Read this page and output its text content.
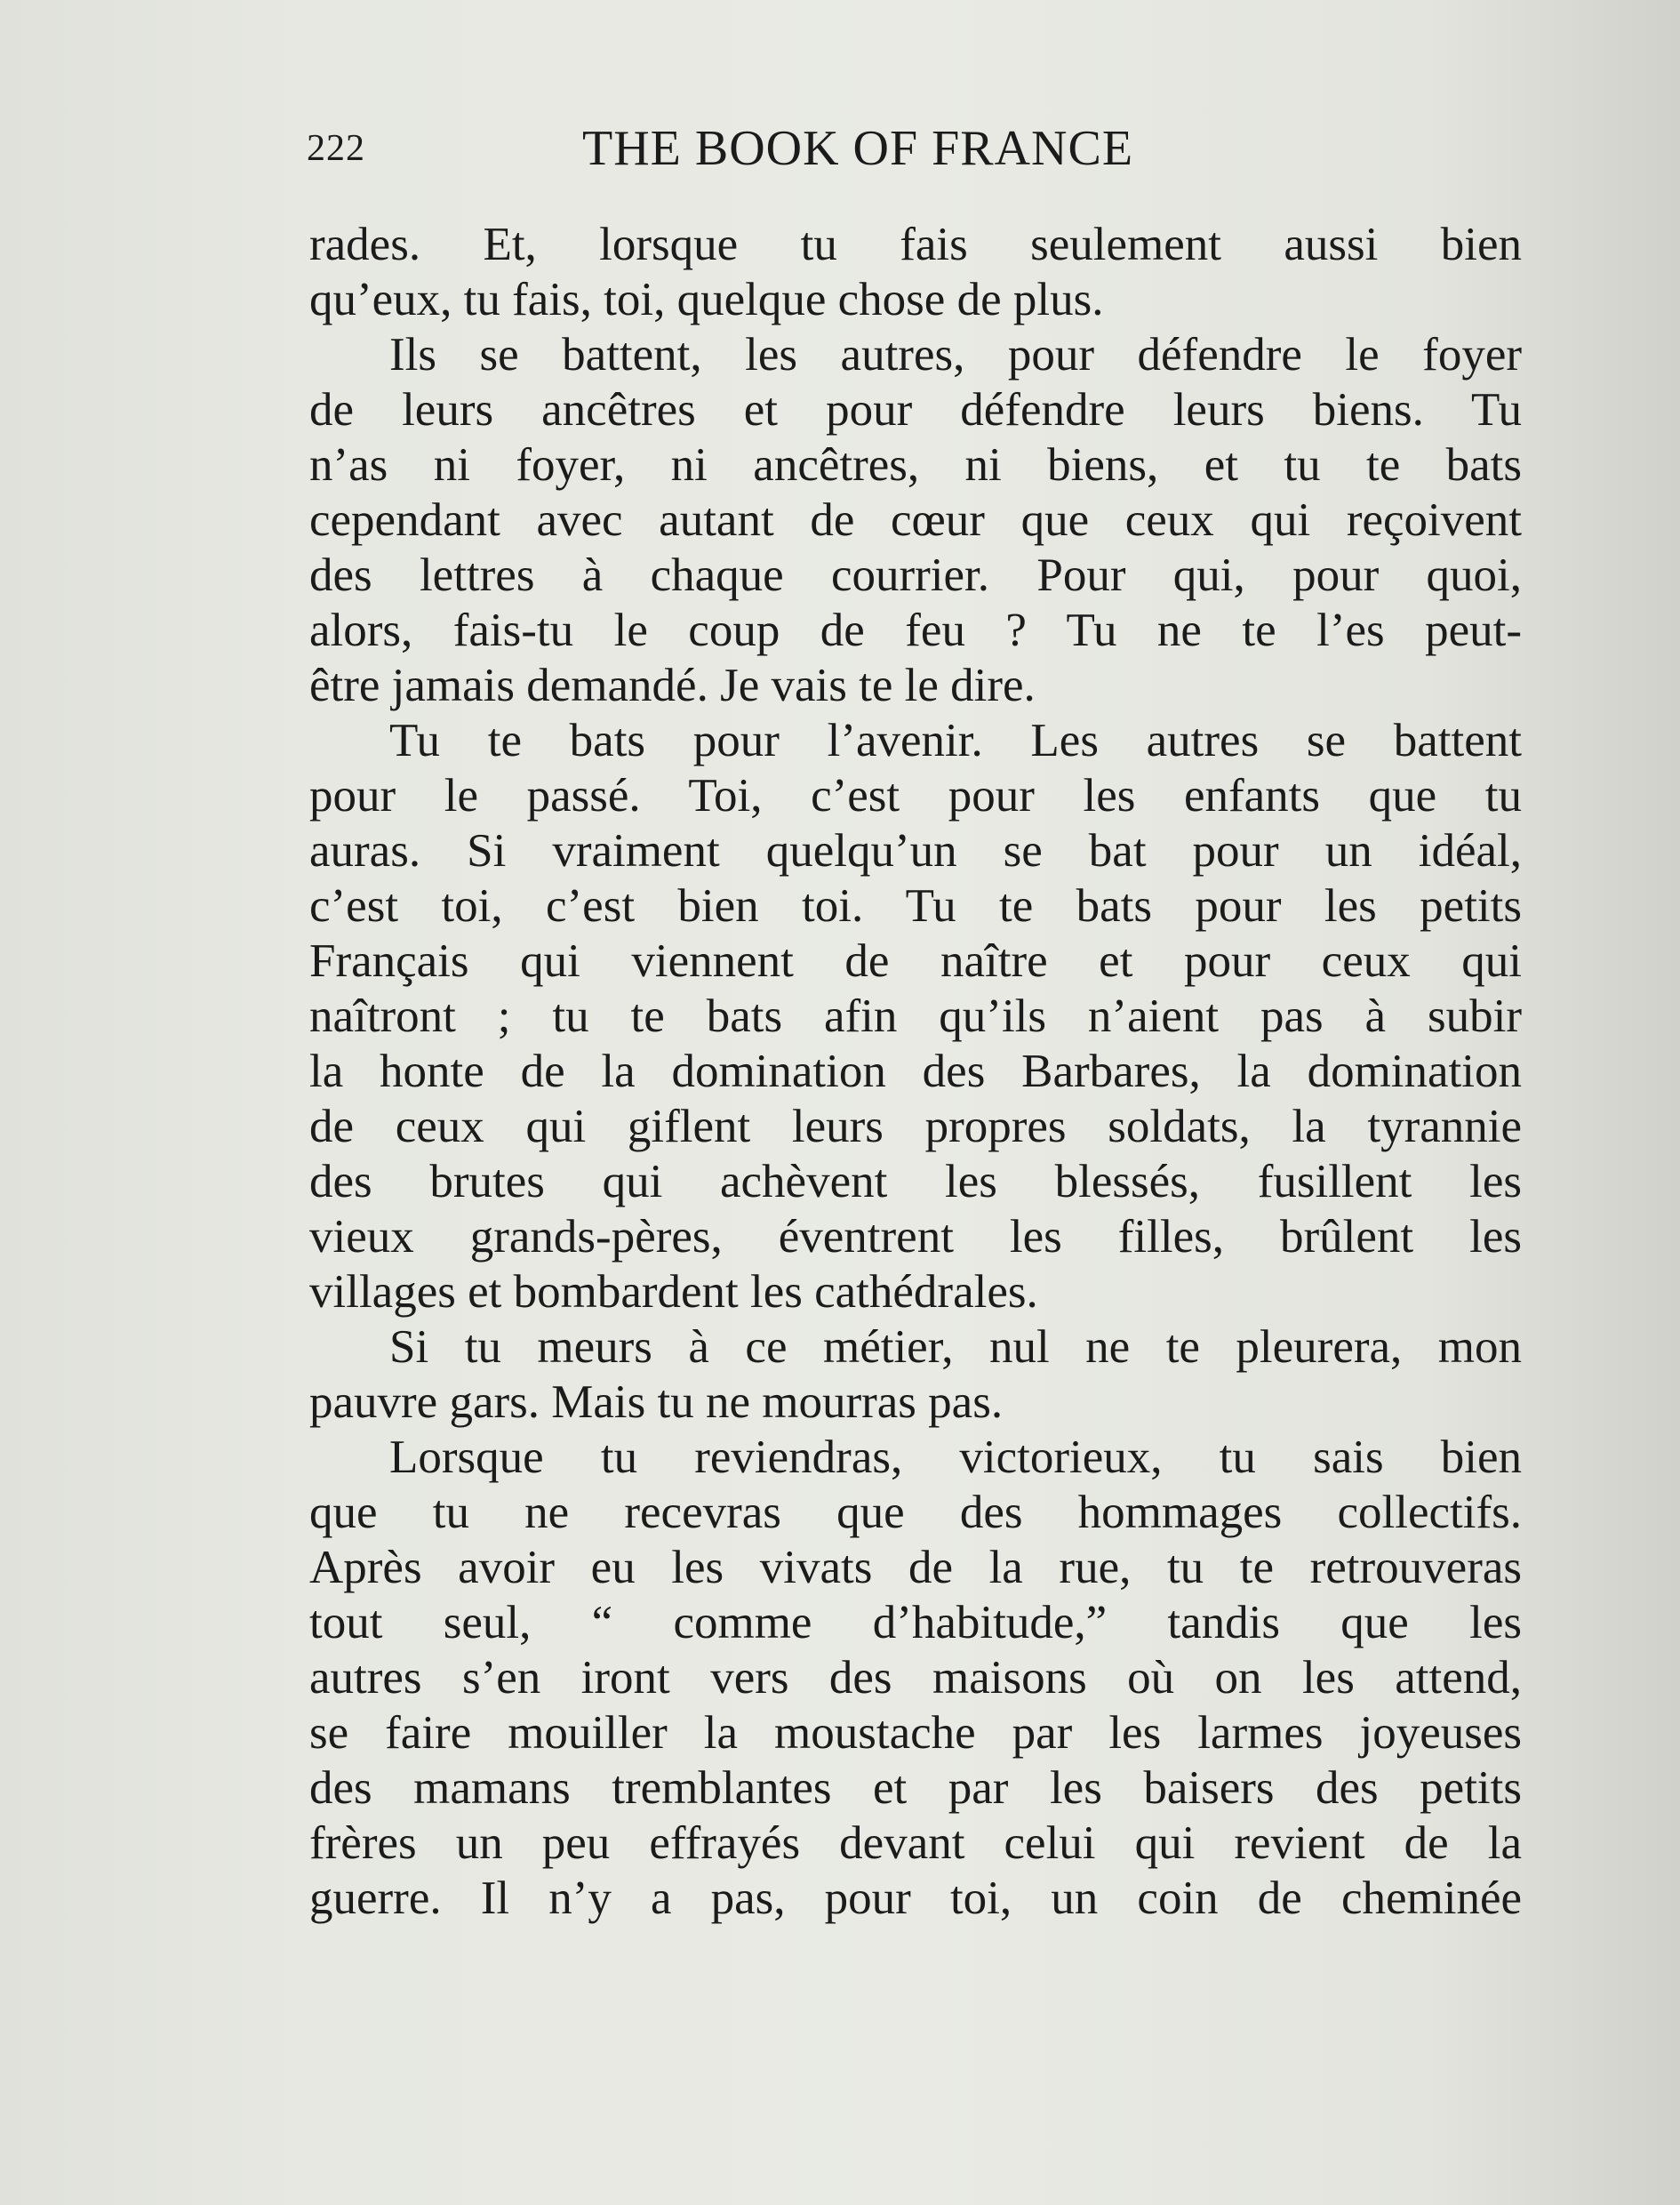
222	THE BOOK OF FRANCE
rades. Et, lorsque tu fais seulement aussi bien
qu’eux, tu fais, toi, quelque chose de plus.
Ils se battent, les autres, pour défendre le foyer
de leurs ancêtres et pour défendre leurs biens. Tu
n’as ni foyer, ni ancêtres, ni biens, et tu te bats
cependant avec autant de cœur que ceux qui reçoivent
des lettres à chaque courrier. Pour qui, pour quoi,
alors, fais-tu le coup de feu ? Tu ne te l’es peut-
être jamais demandé. Je vais te le dire.
Tu te bats pour l’avenir. Les autres se battent
pour le passé. Toi, c’est pour les enfants que tu
auras. Si vraiment quelqu’un se bat pour un idéal,
c’est toi, c’est bien toi. Tu te bats pour les petits
Français qui viennent de naître et pour ceux qui
naîtront ; tu te bats afin qu’ils n’aient pas à subir
la honte de la domination des Barbares, la domination
de ceux qui giflent leurs propres soldats, la tyrannie
des brutes qui achèvent les blessés, fusillent les
vieux grands-pères, éventrent les filles, brûlent les
villages et bombardent les cathédrales.
Si tu meurs à ce métier, nul ne te pleurera, mon
pauvre gars. Mais tu ne mourras pas.
Lorsque tu reviendras, victorieux, tu sais bien
que tu ne recevras que des hommages collectifs.
Après avoir eu les vivats de la rue, tu te retrouveras
tout seul, “ comme d’habitude,” tandis que les
autres s’en iront vers des maisons où on les attend,
se faire mouiller la moustache par les larmes joyeuses
des mamans tremblantes et par les baisers des petits
frères un peu effrayés devant celui qui revient de la
guerre. Il n’y a pas, pour toi, un coin de cheminée
